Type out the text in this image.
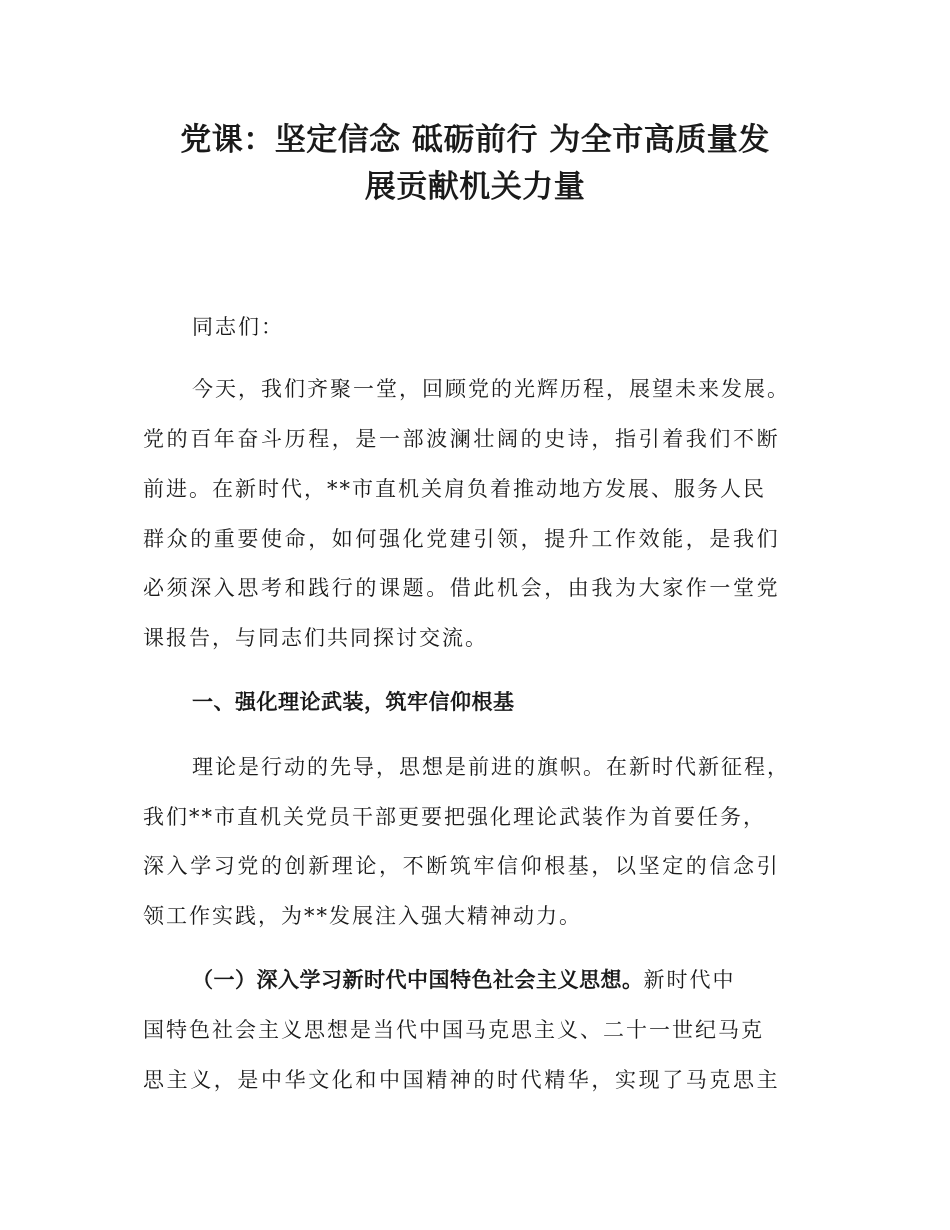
党课：坚定信念 砥砺前行 为全市高质量发
展贡献机关力量
同志们：
今天，我们齐聚一堂，回顾党的光辉历程，展望未来发展。
党的百年奋斗历程，是一部波澜壮阔的史诗，指引着我们不断
前进。在新时代，**市直机关肩负着推动地方发展、服务人民
群众的重要使命，如何强化党建引领，提升工作效能，是我们
必须深入思考和践行的课题。借此机会，由我为大家作一堂党
课报告，与同志们共同探讨交流。
一、强化理论武装，筑牢信仰根基
理论是行动的先导，思想是前进的旗帜。在新时代新征程，
我们**市直机关党员干部更要把强化理论武装作为首要任务，
深入学习党的创新理论，不断筑牢信仰根基，以坚定的信念引
领工作实践，为**发展注入强大精神动力。
（一）深入学习新时代中国特色社会主义思想。新时代中
国特色社会主义思想是当代中国马克思主义、二十一世纪马克
思主义，是中华文化和中国精神的时代精华，实现了马克思主
